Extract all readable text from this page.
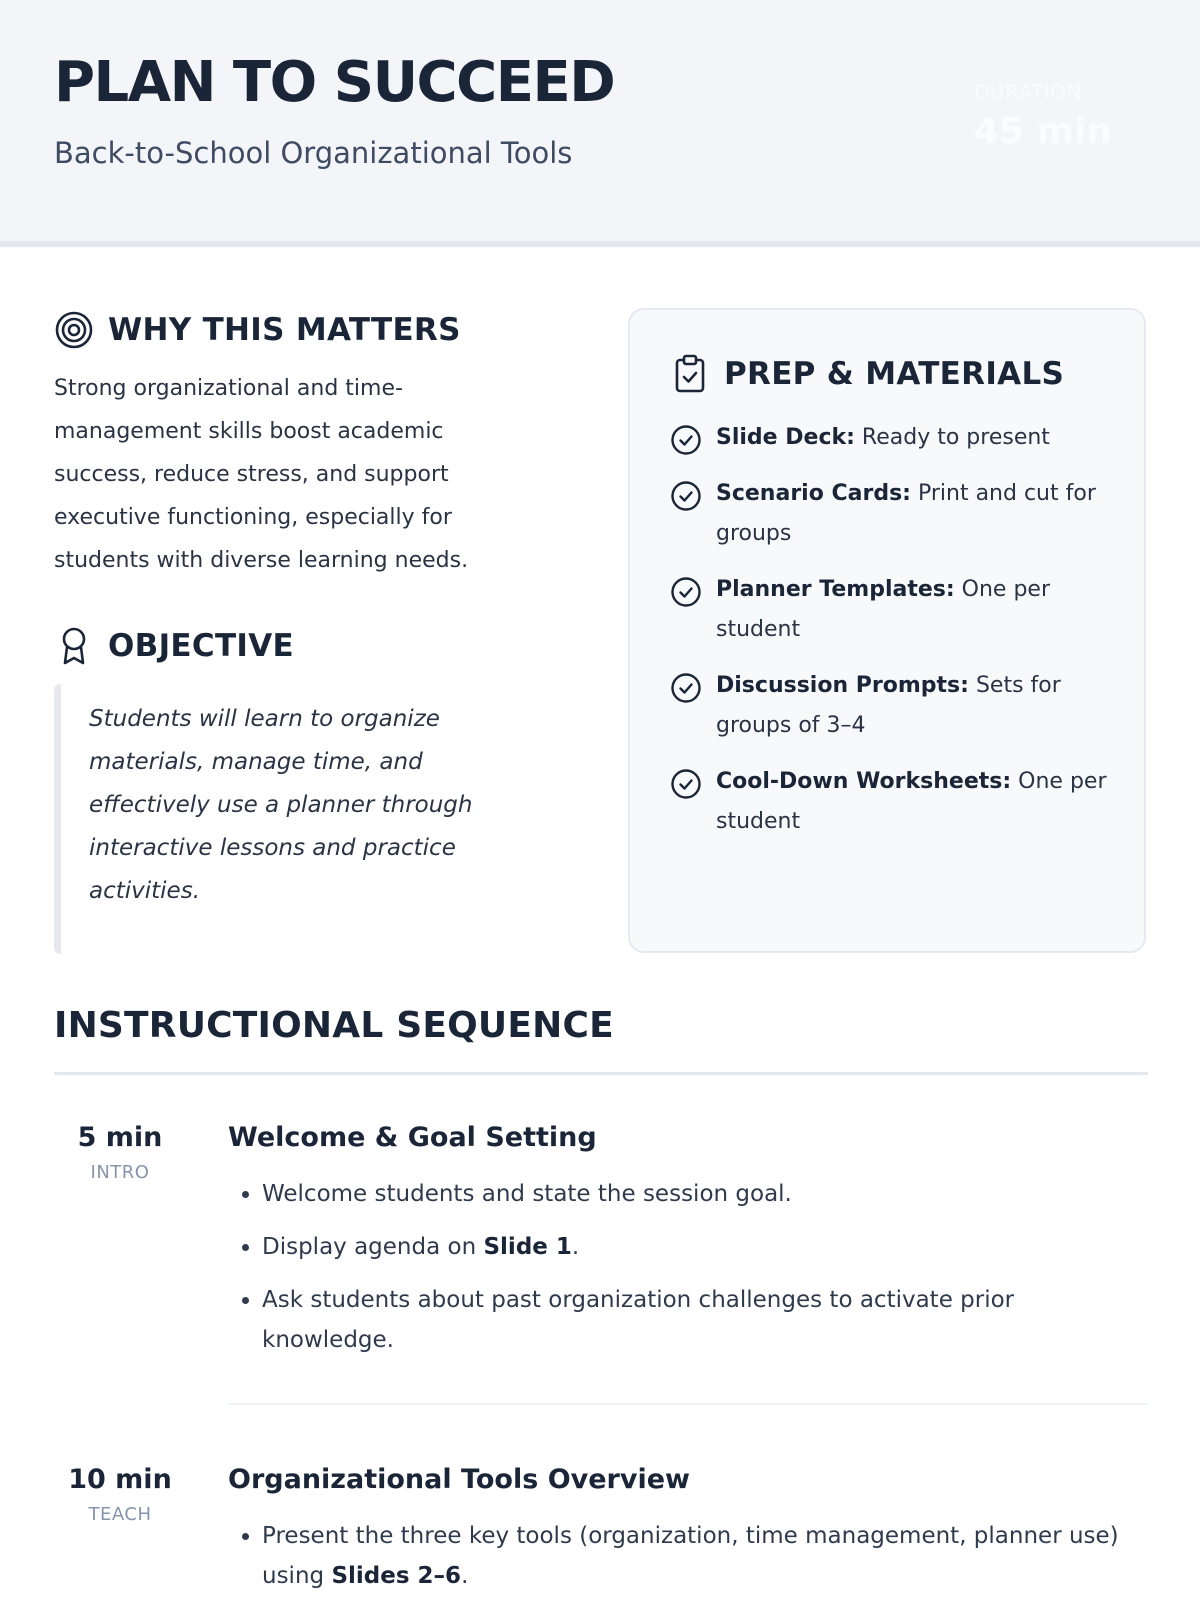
PLAN TO SUCCEED

Back-to-School Organizational Tools

DURATION
45 min
WHY THIS MATTERS

Strong organizational and time-management skills boost academic success, reduce stress, and support executive functioning, especially for students with diverse learning needs.

OBJECTIVE

Students will learn to organize materials, manage time, and effectively use a planner through interactive lessons and practice activities.

PREP & MATERIALS
Slide Deck: Ready to present
Scenario Cards: Print and cut for groups
Planner Templates: One per student
Discussion Prompts: Sets for groups of 3–4
Cool-Down Worksheets: One per student
INSTRUCTIONAL SEQUENCE
5 min
INTRO
Welcome & Goal Setting
• Welcome students and state the session goal.
• Display agenda on Slide 1.
• Ask students about past organization challenges to activate prior knowledge.
10 min
TEACH
Organizational Tools Overview
• Present the three key tools (organization, time management, planner use) using Slides 2–6.
